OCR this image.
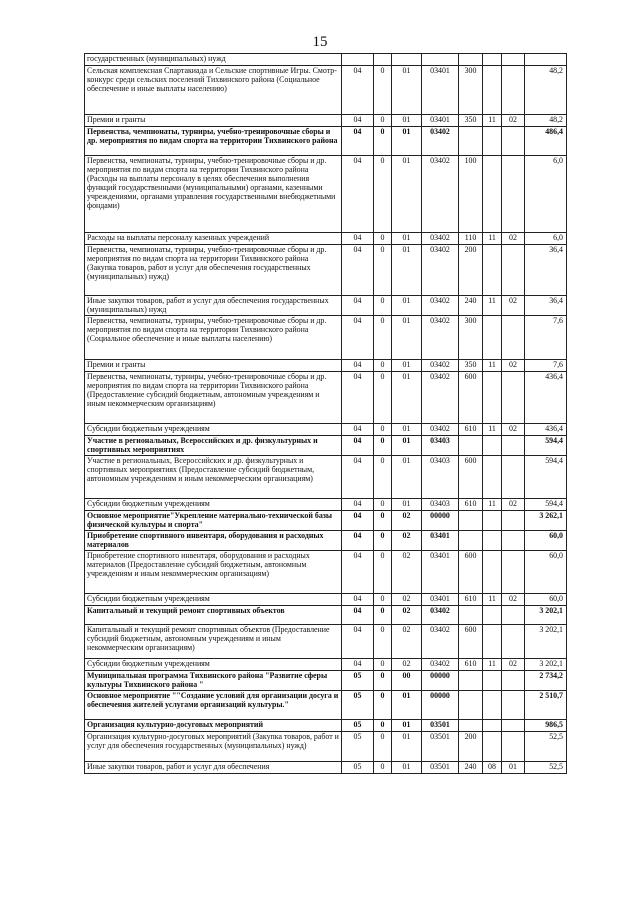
15
государственных (муниципальных) нужд								
Сельская комплексная Спартакиада и Сельские спортивные Игры. Смотр-конкурс среди сельских поселений Тихвинского района (Социальное обеспечение и иные выплаты населению)	04	0	01	03401	300			48,2
Премии и гранты	04	0	01	03401	350	11	02	48,2
Первенства, чемпионаты, турниры, учебно-тренировочные сборы и др. мероприятия по видам спорта на территории Тихвинского района	04	0	01	03402				486,4
Первенства, чемпионаты, турниры, учебно-тренировочные сборы и др. мероприятия по видам спорта на территории Тихвинского района (Расходы на выплаты персоналу в целях обеспечения выполнения функций государственными (муниципальными) органами, казенными учреждениями, органами управления государственными внебюджетными фондами)	04	0	01	03402	100			6,0
Расходы на выплаты персоналу казенных учреждений	04	0	01	03402	110	11	02	6,0
Первенства, чемпионаты, турниры, учебно-тренировочные сборы и др. мероприятия по видам спорта на территории Тихвинского района (Закупка товаров, работ и услуг для обеспечения государственных (муниципальных) нужд)	04	0	01	03402	200			36,4
Иные закупки товаров, работ и услуг для обеспечения государственных (муниципальных) нужд	04	0	01	03402	240	11	02	36,4
Первенства, чемпионаты, турниры, учебно-тренировочные сборы и др. мероприятия по видам спорта на территории Тихвинского района (Социальное обеспечение и иные выплаты населению)	04	0	01	03402	300			7,6
Премии и гранты	04	0	01	03402	350	11	02	7,6
Первенства, чемпионаты, турниры, учебно-тренировочные сборы и др. мероприятия по видам спорта на территории Тихвинского района (Предоставление субсидий бюджетным, автономным учреждениям и иным некоммерческим организациям)	04	0	01	03402	600			436,4
Субсидии бюджетным учреждениям	04	0	01	03402	610	11	02	436,4
Участие в региональных, Всероссийских и др. физкультурных и спортивных мероприятиях	04	0	01	03403				594,4
Участие в региональных, Всероссийских и др. физкультурных и спортивных мероприятиях (Предоставление субсидий бюджетным, автономным учреждениям и иным некоммерческим организациям)	04	0	01	03403	600			594,4
Субсидии бюджетным учреждениям	04	0	01	03403	610	11	02	594,4
Основное мероприятие"Укрепление материально-технической базы физической культуры и спорта"	04	0	02	00000				3 262,1
Приобретение спортивного инвентаря, оборудования и расходных материалов	04	0	02	03401				60,0
Приобретение спортивного инвентаря, оборудования и расходных материалов (Предоставление субсидий бюджетным, автономным учреждениям и иным некоммерческим организациям)	04	0	02	03401	600			60,0
Субсидии бюджетным учреждениям	04	0	02	03401	610	11	02	60,0
Капитальный и текущий ремонт спортивных объектов	04	0	02	03402				3 202,1
Капитальный и текущий ремонт спортивных объектов (Предоставление субсидий бюджетным, автономным учреждениям и иным некоммерческим организациям)	04	0	02	03402	600			3 202,1
Субсидии бюджетным учреждениям	04	0	02	03402	610	11	02	3 202,1
Муниципальная программа Тихвинского района "Развитие сферы культуры Тихвинского района "	05	0	00	00000				2 734,2
Основное мероприятие ""Создание условий для организации досуга и обеспечения жителей услугами организаций культуры."	05	0	01	00000				2 510,7
Организация культурно-досуговых мероприятий	05	0	01	03501				986,5
Организация культурно-досуговых мероприятий (Закупка товаров, работ и услуг для обеспечения государственных (муниципальных) нужд)	05	0	01	03501	200			52,5
Иные закупки товаров, работ и услуг для обеспечения	05	0	01	03501	240	08	01	52,5
